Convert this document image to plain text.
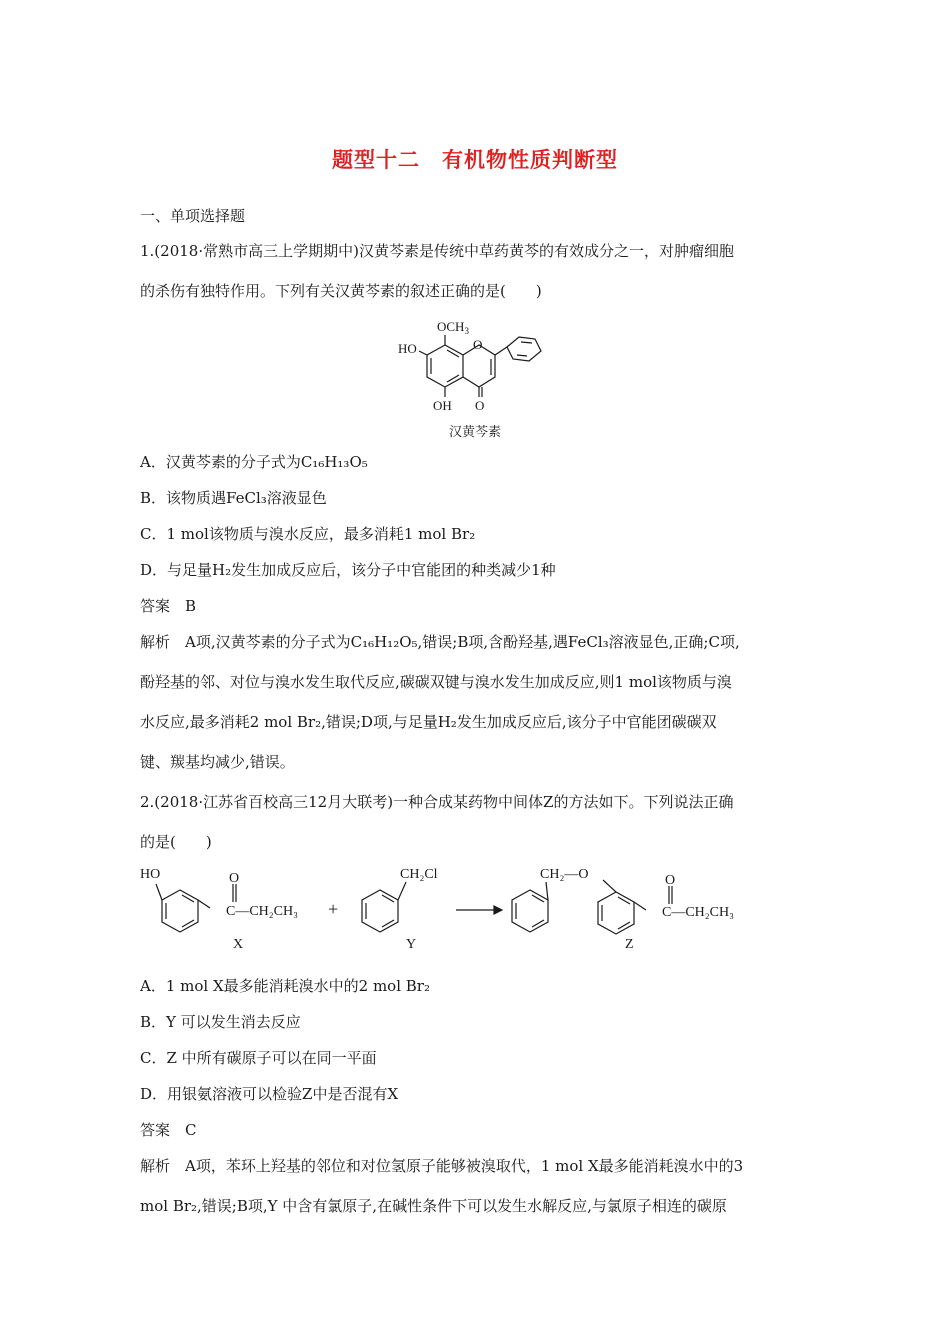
题型十二　有机物性质判断型
一、单项选择题
1.(2018·常熟市高三上学期期中)汉黄芩素是传统中草药黄芩的有效成分之一，对肿瘤细胞
的杀伤有独特作用。下列有关汉黄芩素的叙述正确的是(　　)
$OCH_3$
HO	O
OH O
汉黄芩素
A．汉黄芩素的分子式为C₁₆H₁₃O₅
B．该物质遇FeCl₃溶液显色
C．1 mol该物质与溴水反应，最多消耗1 mol Br₂
D．与足量H₂发生加成反应后，该分子中官能团的种类减少1种
答案　B
解析　A项,汉黄芩素的分子式为C₁₆H₁₂O₅,错误;B项,含酚羟基,遇FeCl₃溶液显色,正确;C项,
酚羟基的邻、对位与溴水发生取代反应,碳碳双键与溴水发生加成反应,则1 mol该物质与溴
水反应,最多消耗2 mol Br₂,错误;D项,与足量H₂发生加成反应后,该分子中官能团碳碳双
键、羰基均减少,错误。
2.(2018·江苏省百校高三12月大联考)一种合成某药物中间体Z的方法如下。下列说法正确
的是(　　)
HO	O
C—CH₂CH₃
X
+
CH₂Cl
Y
CH₂—O	O
C—CH₂CH₃
Z
A．1 mol X最多能消耗溴水中的2 mol Br₂
B．Y 可以发生消去反应
C．Z 中所有碳原子可以在同一平面
D．用银氨溶液可以检验Z中是否混有X
答案　C
解析　A项，苯环上羟基的邻位和对位氢原子能够被溴取代，1 mol X最多能消耗溴水中的3
mol Br₂,错误;B项,Y 中含有氯原子,在碱性条件下可以发生水解反应,与氯原子相连的碳原
